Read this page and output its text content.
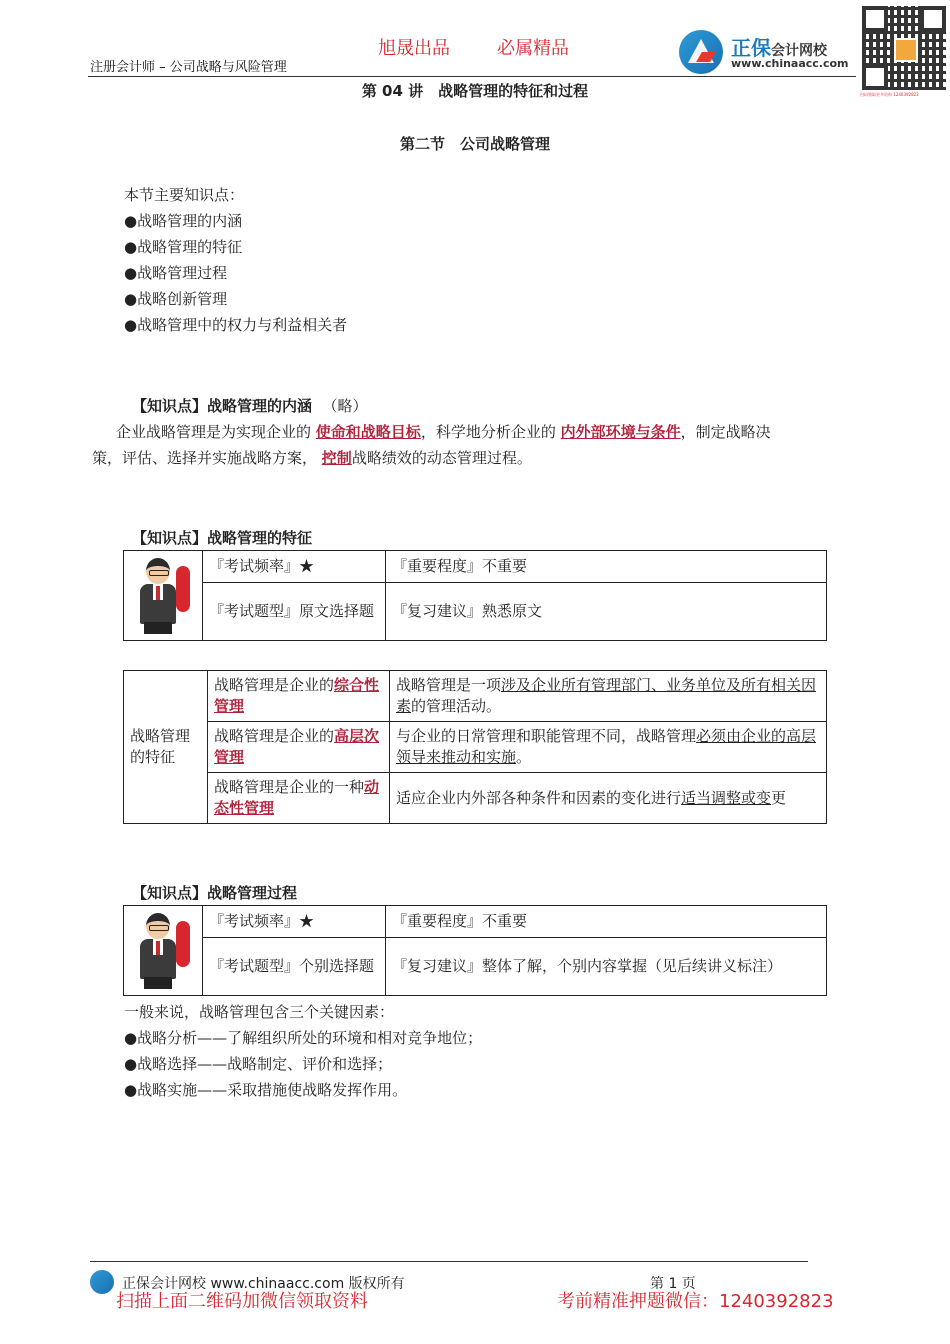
旭晟出品	必属精品
注册会计师 – 公司战略与风险管理
正保会计网校
www.chinaacc.com
扫码领取更多资料 1240392823
第 04 讲　战略管理的特征和过程
第二节　公司战略管理
本节主要知识点：
●战略管理的内涵
●战略管理的特征
●战略管理过程
●战略创新管理
●战略管理中的权力与利益相关者
【知识点】战略管理的内涵 （略）
企业战略管理是为实现企业的 使命和战略目标，科学地分析企业的 内外部环境与条件，制定战略决
策，评估、选择并实施战略方案， 控制战略绩效的动态管理过程。
【知识点】战略管理的特征
	『考试频率』★	『重要程度』不重要
	『考试题型』原文选择题	『复习建议』熟悉原文
战略管理的特征	战略管理是企业的综合性管理	战略管理是一项涉及企业所有管理部门、业务单位及所有相关因素的管理活动。
	战略管理是企业的高层次管理	与企业的日常管理和职能管理不同，战略管理必须由企业的高层领导来推动和实施。
	战略管理是企业的一种动态性管理	适应企业内外部各种条件和因素的变化进行适当调整或变更
【知识点】战略管理过程
	『考试频率』★	『重要程度』不重要
	『考试题型』个别选择题	『复习建议』整体了解，个别内容掌握（见后续讲义标注）
一般来说，战略管理包含三个关键因素：
●战略分析——了解组织所处的环境和相对竞争地位；
●战略选择——战略制定、评价和选择；
●战略实施——采取措施使战略发挥作用。
正保会计网校 www.chinaacc.com 版权所有	第 1 页
扫描上面二维码加微信领取资料	考前精准押题微信：1240392823
